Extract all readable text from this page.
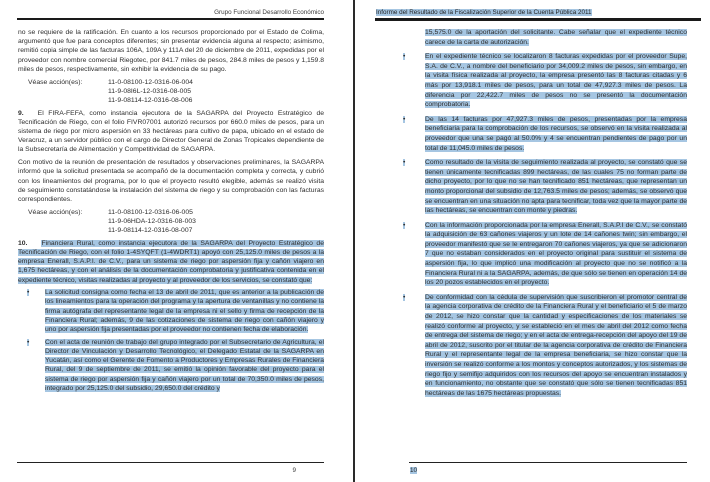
Grupo Funcional Desarrollo Económico

no se requiere de la ratificación. En cuanto a los recursos proporcionado por el Estado de Colima, argumentó que fue para conceptos diferentes; sin presentar evidencia alguna al respecto; asimismo, remitió copia simple de las facturas 106A, 109A y 111A del 20 de diciembre de 2011, expedidas por el proveedor con nombre comercial Riegotec, por 841.7 miles de pesos, 284.8 miles de pesos y 1,159.8 miles de pesos, respectivamente, sin exhibir la evidencia de su pago.

Véase acción(es):	11-0-08100-12-0316-06-004
11-9-08I6L-12-0316-08-005
11-9-08114-12-0316-08-006

9. El FIRA-FEFA, como instancia ejecutora de la SAGARPA del Proyecto Estratégico de Tecnificación de Riego, con el folio FIVR07001 autorizó recursos por 660.0 miles de pesos, para un sistema de riego por micro aspersión en 33 hectáreas para cultivo de papa, ubicado en el estado de Veracruz, a un servidor público con el cargo de Director General de Zonas Tropicales dependiente de la Subsecretaría de Alimentación y Competitividad de SAGARPA.

Con motivo de la reunión de presentación de resultados y observaciones preliminares, la SAGARPA informó que la solicitud presentada se acompañó de la documentación completa y correcta, y cubrió con los lineamientos del programa, por lo que el proyecto resultó elegible, además se realizó visita de seguimiento constatándose la instalación del sistema de riego y su comprobación con las facturas correspondientes.

Véase acción(es):	11-0-08100-12-0316-06-005
11-9-06HDA-12-0316-08-003
11-9-08114-12-0316-08-007

10. Financiera Rural, como instancia ejecutora de la SAGARPA del Proyecto Estratégico de Tecnificación de Riego, con el folio 1-4SYQFT (1-4WDRT1) apoyó con 25,125.0 miles de pesos a la empresa Enerall, S.A.P.I. de C.V., para un sistema de riego por aspersión fija y cañón viajero en 1,675 hectáreas, y con el análisis de la documentación comprobatoria y justificativa contenida en el expediente técnico, visitas realizadas al proyecto y al proveedor de los servicios, se constató que:

•	La solicitud consigna como fecha el 13 de abril de 2011, que es anterior a la publicación de los lineamientos para la operación del programa y la apertura de ventanillas y no contiene la firma autógrafa del representante legal de la empresa ni el sello y firma de recepción de la Financiera Rural; además, 9 de las cotizaciones de sistema de riego con cañón viajero y uno por aspersión fija presentadas por el proveedor no contienen fecha de elaboración.
•	Con el acta de reunión de trabajo del grupo integrado por el Subsecretario de Agricultura, el Director de Vinculación y Desarrollo Tecnológico, el Delegado Estatal de la SAGARPA en Yucatán, así como el Gerente de Fomento a Productores y Empresas Rurales de Financiera Rural, del 9 de septiembre de 2011, se emitió la opinión favorable del proyecto para el sistema de riego por aspersión fija y cañón viajero por un total de 70,350.0 miles de pesos, integrado por 25,125.0 del subsidio, 29,650.0 del crédito y
9
Informe del Resultado de la Fiscalización Superior de la Cuenta Pública 2011

15,575.0 de la aportación del solicitante. Cabe señalar que el expediente técnico carece de la carta de autorización.

•	En el expediente técnico se localizaron 8 facturas expedidas por el proveedor Supe, S.A. de C.V., a nombre del beneficiario por 34,009.2 miles de pesos, sin embargo, en la visita física realizada al proyecto, la empresa presentó las 8 facturas citadas y 6 más por 13,918.1 miles de pesos, para un total de 47,927.3 miles de pesos. La diferencia por 22,422.7 miles de pesos no se presentó la documentación comprobatoria.
•	De las 14 facturas por 47,927.3 miles de pesos, presentadas por la empresa beneficiaria para la comprobación de los recursos, se observó en la visita realizada al proveedor que una se pagó al 50.0% y 4 se encuentran pendientes de pago por un total de 11,045.0 miles de pesos.
•	Como resultado de la visita de seguimiento realizada al proyecto, se constató que se tienen únicamente tecnificadas 899 hectáreas, de las cuales 75 no forman parte de dicho proyecto, por lo que no se han tecnificado 851 hectáreas, que representan un monto proporcional del subsidio de 12,763.5 miles de pesos; además, se observó que se encuentran en una situación no apta para tecnificar, toda vez que la mayor parte de las hectáreas, se encuentran con monte y piedras.
•	Con la información proporcionada por la empresa Enerall, S.A.P.I de C.V., se constató la adquisición de 63 cañones viajeros y un lote de 14 cañones twin; sin embargo, el proveedor manifestó que se le entregaron 70 cañones viajeros, ya que se adicionaron 7 que no estaban considerados en el proyecto original para sustituir el sistema de aspersión fija, lo que implicó una modificación al proyecto que no se notificó a la Financiera Rural ni a la SAGARPA, además, de que sólo se tienen en operación 14 de los 20 pozos establecidos en el proyecto.
•	De conformidad con la cédula de supervisión que suscribieron el promotor central de la agencia corporativa de crédito de la Financiera Rural y el beneficiario el 5 de marzo de 2012, se hizo constar que la cantidad y especificaciones de los materiales se realizó conforme al proyecto, y se estableció en el mes de abril del 2012 como fecha de entrega del sistema de riego; y en el acta de entrega-recepción del apoyo del 19 de abril de 2012, suscrito por el titular de la agencia corporativa de crédito de Financiera Rural y el representante legal de la empresa beneficiaria, se hizo constar que la inversión se realizó conforme a los montos y conceptos autorizados, y los sistemas de riego fijo y semifijo adquiridos con los recursos del apoyo se encuentran instalados y en funcionamiento, no obstante que se constató que sólo se tienen tecnificadas 851 hectáreas de las 1675 hectáreas propuestas.
10
